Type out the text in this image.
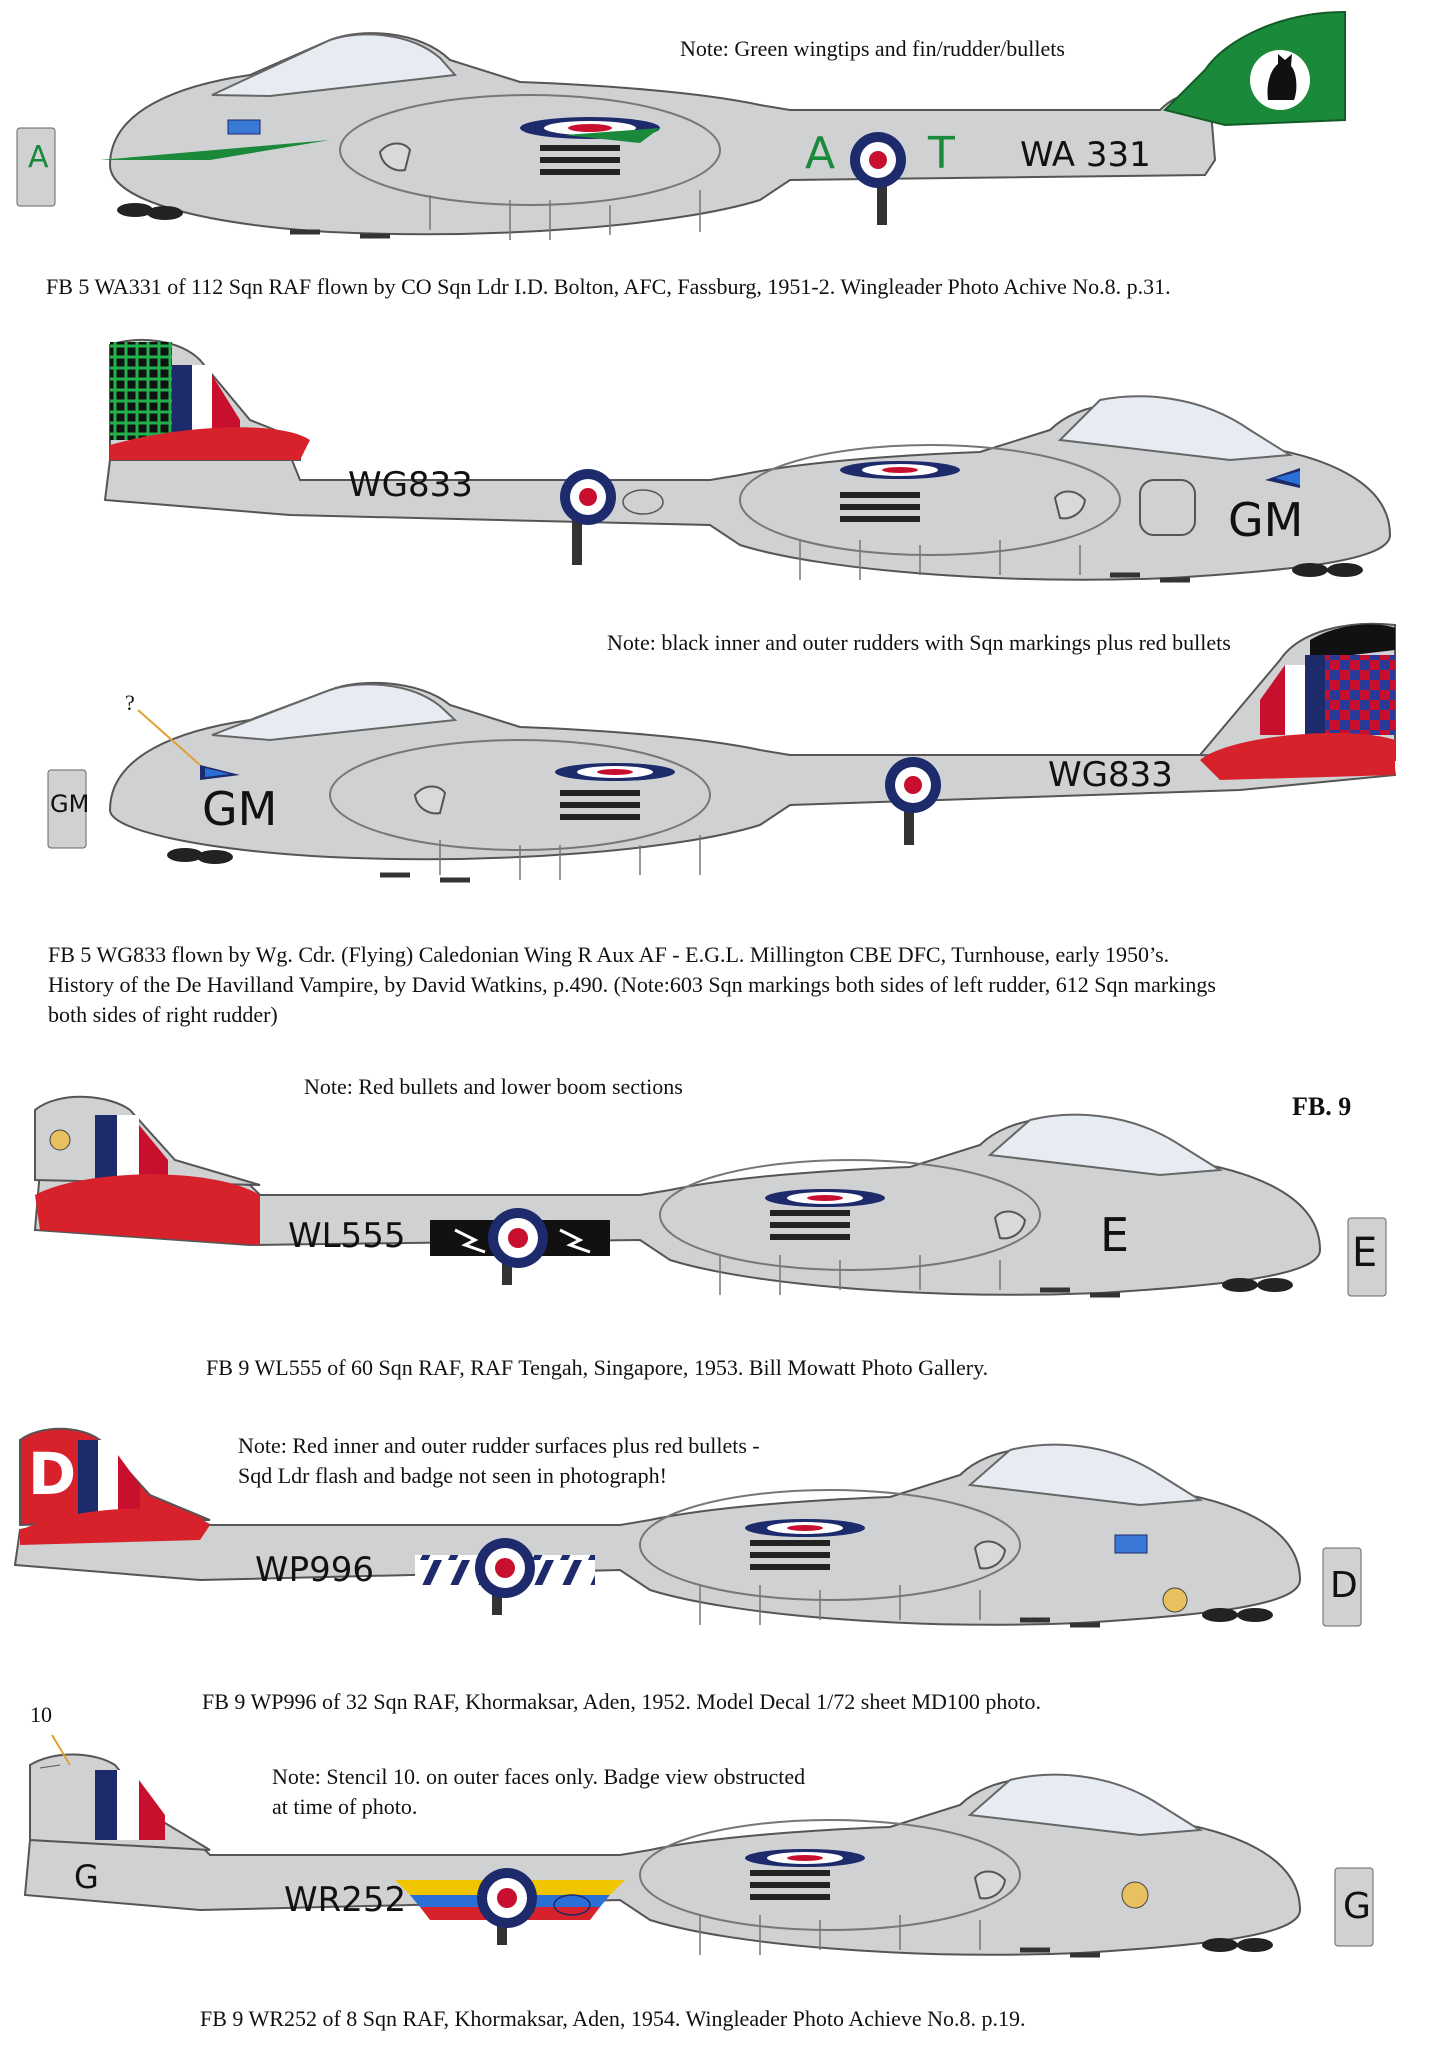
Note: Green wingtips and fin/rudder/bullets
WA 331
A T
A
FB 5 WA331 of 112 Sqn RAF flown by CO Sqn Ldr I.D. Bolton, AFC, Fassburg, 1951-2. Wingleader Photo Achive No.8. p.31.
WG833
GM
Note: black inner and outer rudders with Sqn markings plus red bullets
?
WG833
GM
GM
FB 5 WG833 flown by Wg. Cdr. (Flying) Caledonian Wing R Aux AF - E.G.L. Millington CBE DFC, Turnhouse, early 1950’s.
History of the De Havilland Vampire, by David Watkins, p.490. (Note:603 Sqn markings both sides of left rudder, 612 Sqn markings
both sides of right rudder)
Note: Red bullets and lower boom sections
FB. 9
WL555	E	E
FB 9 WL555 of 60 Sqn RAF, RAF Tengah, Singapore, 1953. Bill Mowatt Photo Gallery.
Note: Red inner and outer rudder surfaces plus red bullets -
Sqd Ldr flash and badge not seen in photograph!
D
WP996	D
FB 9 WP996 of 32 Sqn RAF, Khormaksar, Aden, 1952. Model Decal 1/72 sheet MD100 photo.
10
Note: Stencil 10. on outer faces only. Badge view obstructed
at time of photo.
G
WR252	G
FB 9 WR252 of 8 Sqn RAF, Khormaksar, Aden, 1954. Wingleader Photo Achieve No.8. p.19.
